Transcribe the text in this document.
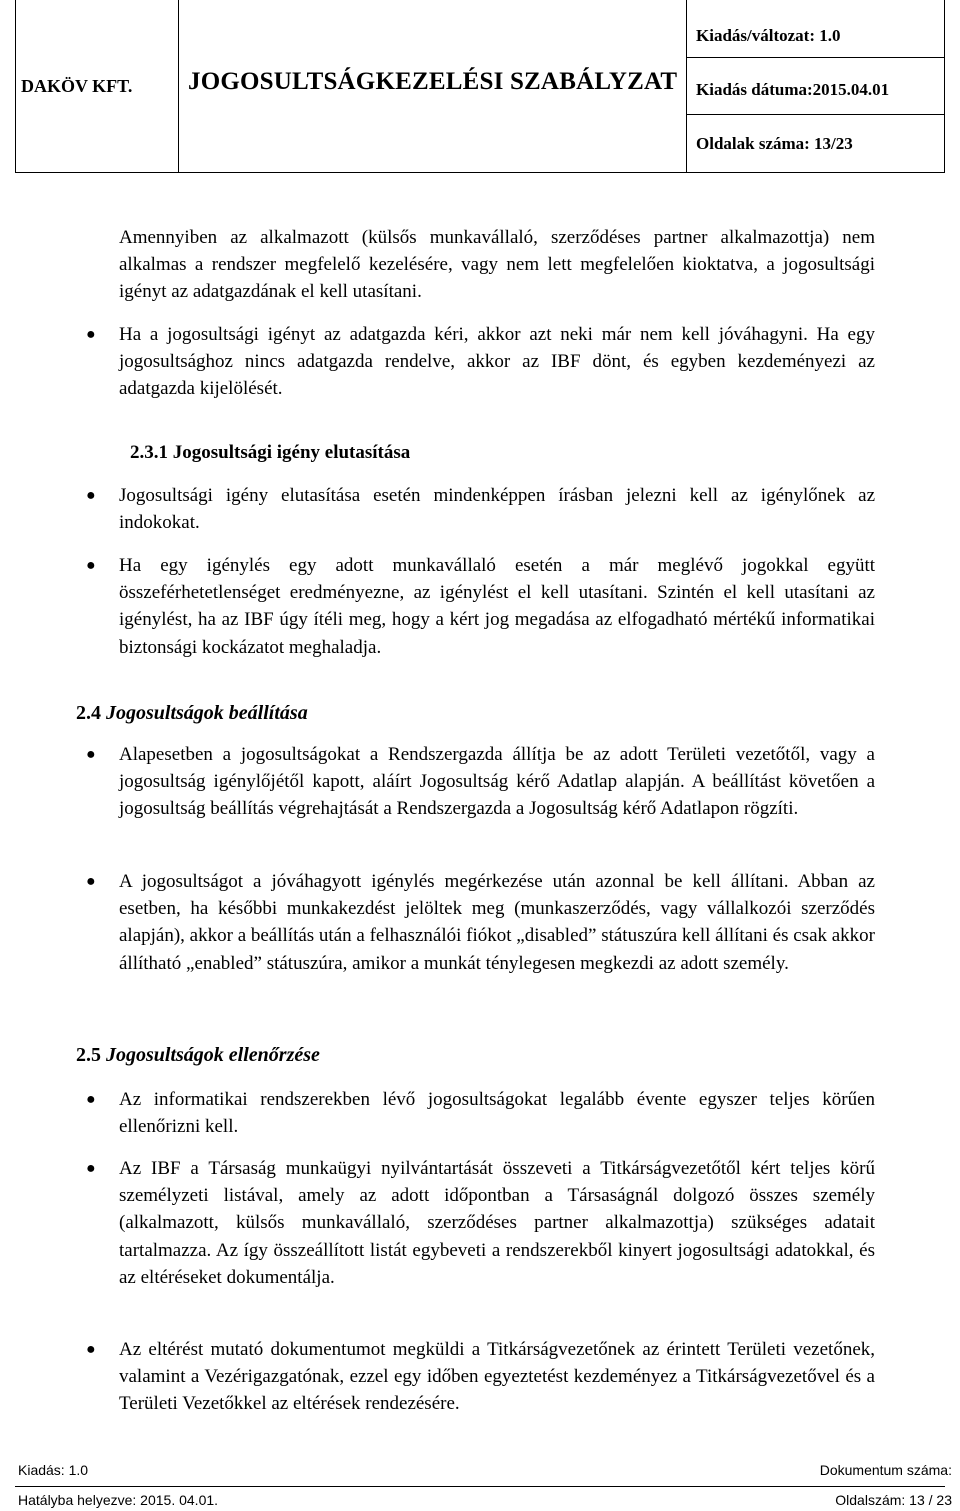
DAKÖV KFT. JOGOSULTSÁGKEZELÉSI SZABÁLYZAT
Kiadás/változat: 1.0
Kiadás dátuma:2015.04.01
Oldalak száma: 13/23

Amennyiben az alkalmazott (külsős munkavállaló, szerződéses partner alkalmazottja) nem alkalmas a rendszer megfelelő kezelésére, vagy nem lett megfelelően kioktatva, a jogosultsági igényt az adatgazdának el kell utasítani.

● Ha a jogosultsági igényt az adatgazda kéri, akkor azt neki már nem kell jóváhagyni. Ha egy jogosultsághoz nincs adatgazda rendelve, akkor az IBF dönt, és egyben kezdeményezi az adatgazda kijelölését.

2.3.1 Jogosultsági igény elutasítása
● Jogosultsági igény elutasítása esetén mindenképpen írásban jelezni kell az igénylőnek az indokokat.

● Ha egy igénylés egy adott munkavállaló esetén a már meglévő jogokkal együtt összeférhetetlenséget eredményezne, az igénylést el kell utasítani. Szintén el kell utasítani az igénylést, ha az IBF úgy ítéli meg, hogy a kért jog megadása az elfogadható mértékű informatikai biztonsági kockázatot meghaladja.

2.4 Jogosultságok beállítása
● Alapesetben a jogosultságokat a Rendszergazda állítja be az adott Területi vezetőtől, vagy a jogosultság igénylőjétől kapott, aláírt Jogosultság kérő Adatlap alapján. A beállítást követően a jogosultság beállítás végrehajtását a Rendszergazda a Jogosultság kérő Adatlapon rögzíti.

● A jogosultságot a jóváhagyott igénylés megérkezése után azonnal be kell állítani. Abban az esetben, ha későbbi munkakezdést jelöltek meg (munkaszerződés, vagy vállalkozói szerződés alapján), akkor a beállítás után a felhasználói fiókot „disabled” státuszúra kell állítani és csak akkor állítható „enabled” státuszúra, amikor a munkát ténylegesen megkezdi az adott személy.

2.5 Jogosultságok ellenőrzése
● Az informatikai rendszerekben lévő jogosultságokat legalább évente egyszer teljes körűen ellenőrizni kell.

● Az IBF a Társaság munkaügyi nyilvántartását összeveti a Titkárságvezetőtől kért teljes körű személyzeti listával, amely az adott időpontban a Társaságnál dolgozó összes személy (alkalmazott, külsős munkavállaló, szerződéses partner alkalmazottja) szükséges adatait tartalmazza. Az így összeállított listát egybeveti a rendszerekből kinyert jogosultsági adatokkal, és az eltéréseket dokumentálja.

● Az eltérést mutató dokumentumot megküldi a Titkárságvezetőnek az érintett Területi vezetőnek, valamint a Vezérigazgatónak, ezzel egy időben egyeztetést kezdeményez a Titkárságvezetővel és a Területi Vezetőkkel az eltérések rendezésére.

Kiadás: 1.0	Dokumentum száma:
Hatályba helyezve: 2015. 04.01.	Oldalszám: 13 / 23
